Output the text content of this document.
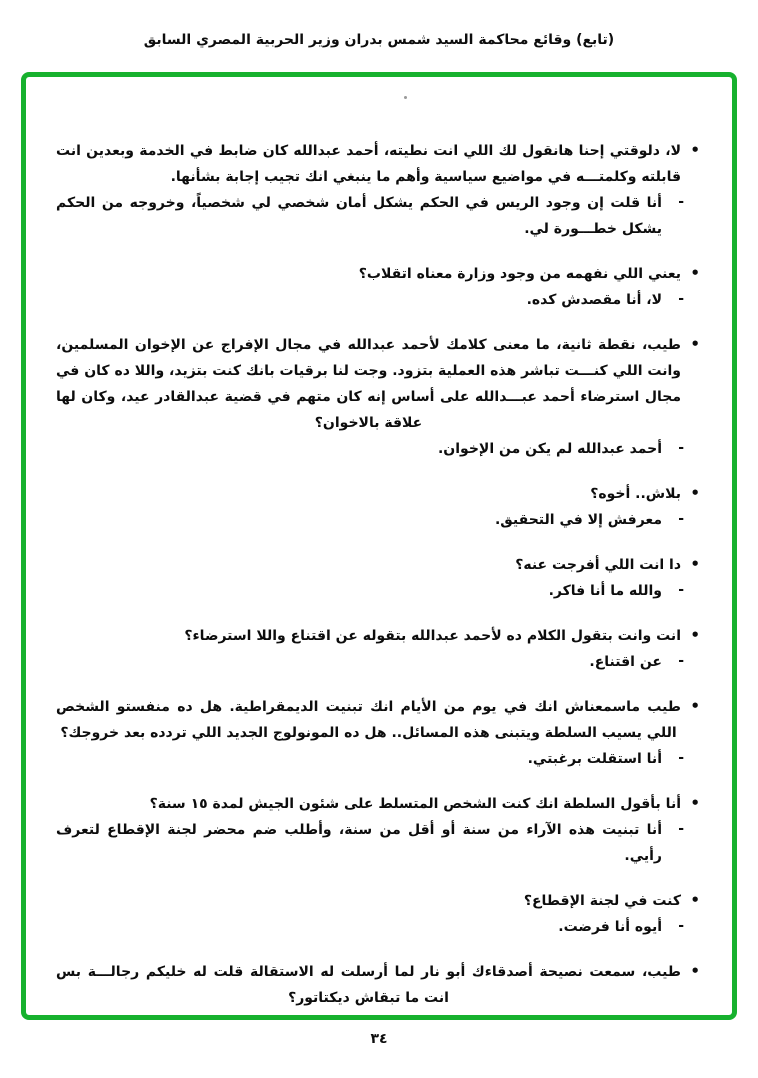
(تابع) وقائع محاكمة السيد شمس بدران وزير الحربية المصري السابق
•
لا، دلوقتي إحنا هانقول لك اللي انت نطيته، أحمد عبدالله كان ضابط في الخدمة وبعدين انت قابلته وكلمتـــه في مواضيع سياسية وأهم ما ينبغي انك تجيب إجابة بشأنها.
-
أنا قلت إن وجود الريس في الحكم يشكل أمان شخصي لي شخصياً، وخروجه من الحكم يشكل خطـــورة لي.
•
يعني اللي نفهمه من وجود وزارة معناه اتقلاب؟
-
لا، أنا مقصدش كده.
•
طيب، نقطة ثانية، ما معنى كلامك لأحمد عبدالله في مجال الإفراج عن الإخوان المسلمين، وانت اللي كنـــت تباشر هذه العملية بتزود. وجت لنا برقيات بانك كنت بتزيد، واللا ده كان في مجال استرضاء أحمد عبـــدالله على أساس إنه كان متهم في قضية عبدالقادر عيد، وكان لها علاقة بالاخوان؟
-
أحمد عبدالله لم يكن من الإخوان.
•
بلاش.. أخوه؟
-
معرفش إلا في التحقيق.
•
دا انت اللي أفرجت عنه؟
-
والله ما أنا فاكر.
•
انت وانت بتقول الكلام ده لأحمد عبدالله بتقوله عن اقتناع واللا استرضاء؟
-
عن اقتناع.
•
طيب ماسمعناش انك في يوم من الأيام انك تبنيت الديمقراطية. هل ده منفستو الشخص اللي يسيب السلطة ويتبنى هذه المسائل.. هل ده المونولوج الجديد اللي تردده بعد خروجك؟
-
أنا استقلت برغبتي.
•
أنا بأقول السلطة انك كنت الشخص المتسلط على شئون الجيش لمدة ١٥ سنة؟
-
أنا تبنيت هذه الآراء من سنة أو أقل من سنة، وأطلب ضم محضر لجنة الإقطاع لتعرف رأيي.
•
كنت في لجنة الإقطاع؟
-
أيوه أنا فرضت.
•
طيب، سمعت نصيحة أصدقاءك أبو نار لما أرسلت له الاستقالة قلت له خليكم رجالـــة بس انت ما تبقاش ديكتاتور؟
٣٤
